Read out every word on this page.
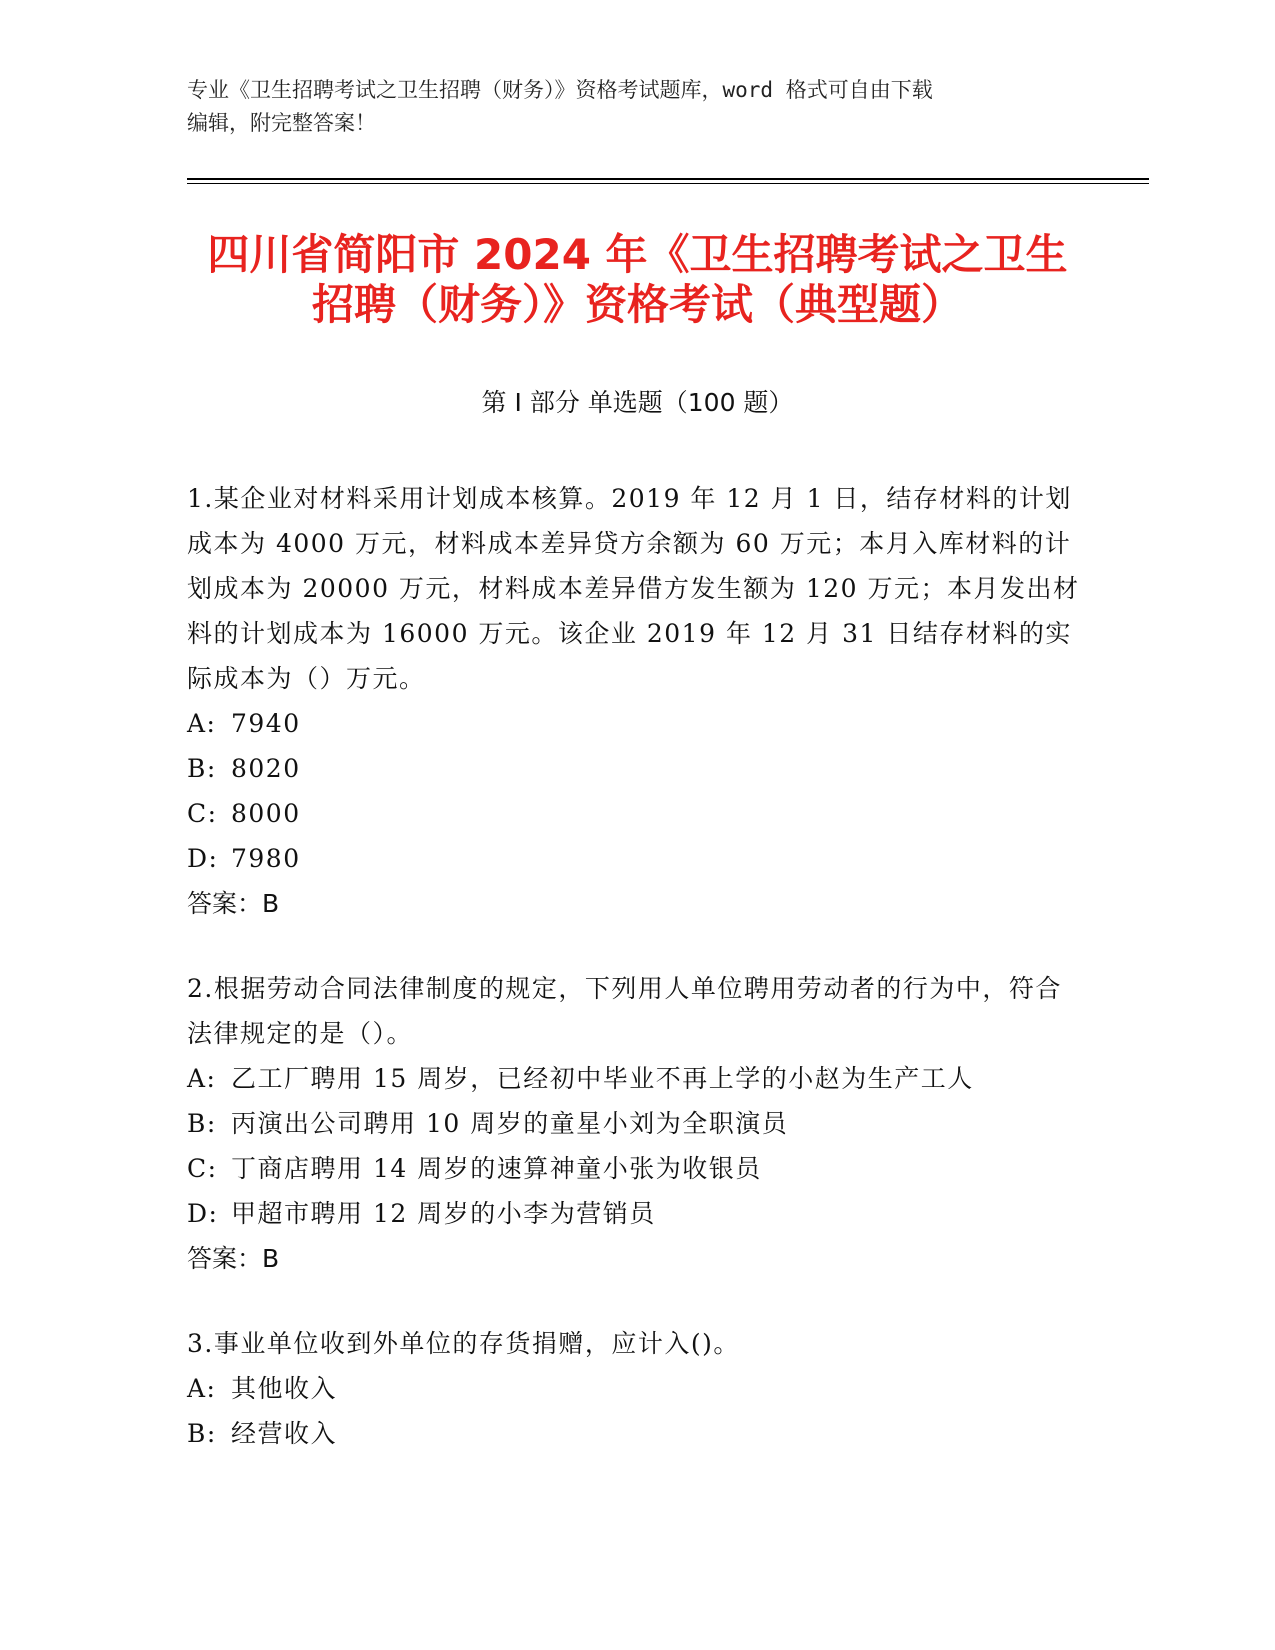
专业《卫生招聘考试之卫生招聘（财务）》资格考试题库，word 格式可自由下载
编辑，附完整答案！
四川省简阳市 2024 年《卫生招聘考试之卫生
招聘（财务）》资格考试（典型题）
第 I 部分 单选题（100 题）

1.某企业对材料采用计划成本核算。2019 年 12 月 1 日，结存材料的计划成本为 4000 万元，材料成本差异贷方余额为 60 万元；本月入库材料的计划成本为 20000 万元，材料成本差异借方发生额为 120 万元；本月发出材料的计划成本为 16000 万元。该企业 2019 年 12 月 31 日结存材料的实际成本为（）万元。

A: 7940

B: 8020

C: 8000

D: 7980

答案：B

2.根据劳动合同法律制度的规定，下列用人单位聘用劳动者的行为中，符合法律规定的是（）。

A: 乙工厂聘用 15 周岁，已经初中毕业不再上学的小赵为生产工人

B: 丙演出公司聘用 10 周岁的童星小刘为全职演员

C: 丁商店聘用 14 周岁的速算神童小张为收银员

D: 甲超市聘用 12 周岁的小李为营销员

答案：B

3.事业单位收到外单位的存货捐赠，应计入()。

A: 其他收入

B: 经营收入
